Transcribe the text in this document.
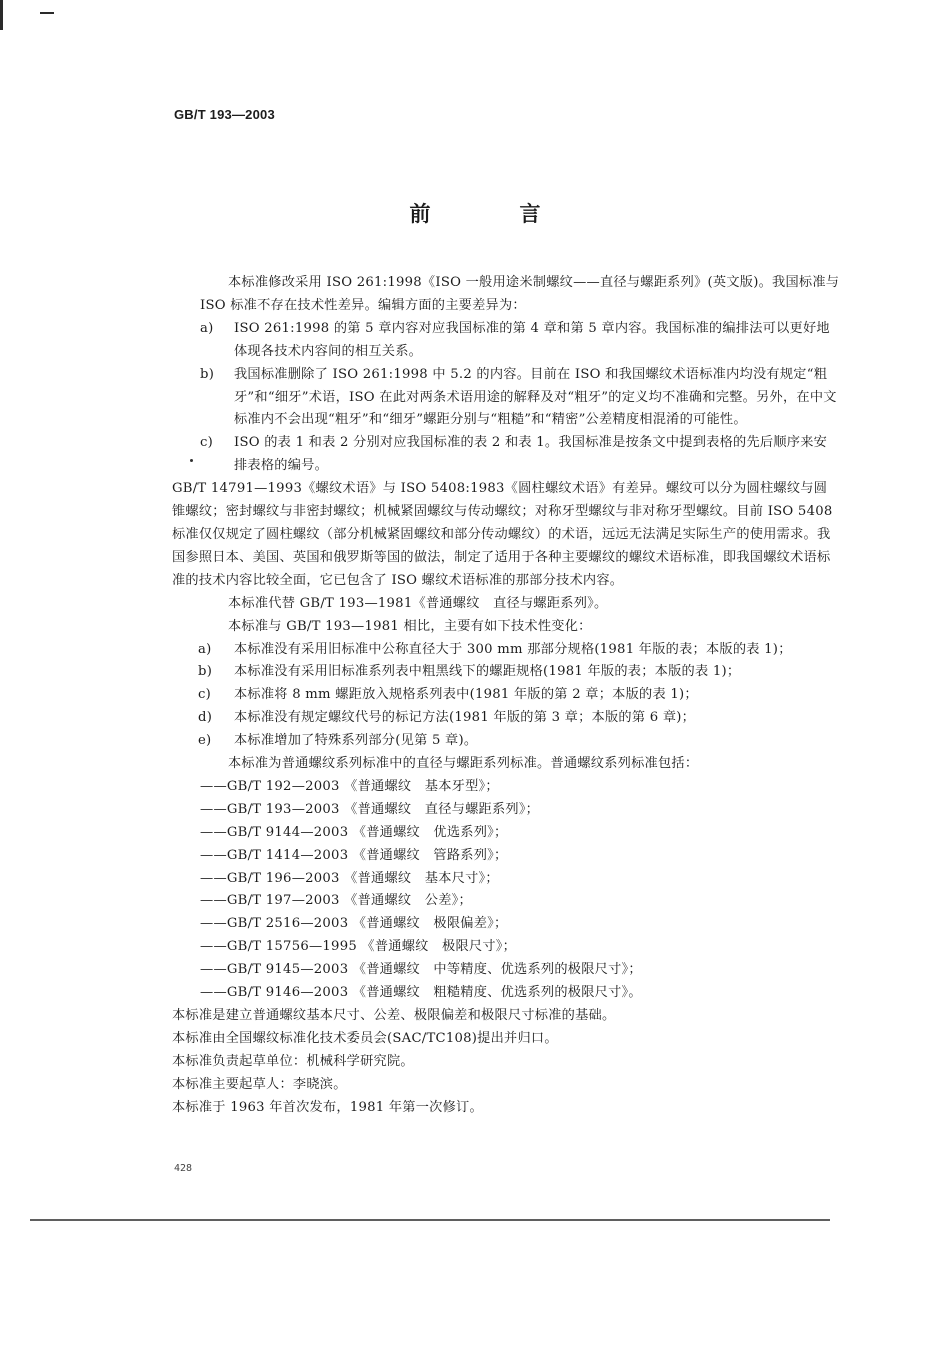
GB/T 193—2003
前　言

本标准修改采用 ISO 261:1998《ISO 一般用途米制螺纹——直径与螺距系列》(英文版)。我国标准与 ISO 标准不存在技术性差异。编辑方面的主要差异为：

a)	ISO 261:1998 的第 5 章内容对应我国标准的第 4 章和第 5 章内容。我国标准的编排法可以更好地体现各技术内容间的相互关系。
b)	我国标准删除了 ISO 261:1998 中 5.2 的内容。目前在 ISO 和我国螺纹术语标准内均没有规定“粗牙”和“细牙”术语，ISO 在此对两条术语用途的解释及对“粗牙”的定义均不准确和完整。另外，在中文标准内不会出现“粗牙”和“细牙”螺距分别与“粗糙”和“精密”公差精度相混淆的可能性。
c)	ISO 的表 1 和表 2 分别对应我国标准的表 2 和表 1。我国标准是按条文中提到表格的先后顺序来安排表格的编号。

GB/T 14791—1993《螺纹术语》与 ISO 5408:1983《圆柱螺纹术语》有差异。螺纹可以分为圆柱螺纹与圆锥螺纹；密封螺纹与非密封螺纹；机械紧固螺纹与传动螺纹；对称牙型螺纹与非对称牙型螺纹。目前 ISO 5408 标准仅仅规定了圆柱螺纹（部分机械紧固螺纹和部分传动螺纹）的术语，远远无法满足实际生产的使用需求。我国参照日本、美国、英国和俄罗斯等国的做法，制定了适用于各种主要螺纹的螺纹术语标准，即我国螺纹术语标准的技术内容比较全面，它已包含了 ISO 螺纹术语标准的那部分技术内容。

本标准代替 GB/T 193—1981《普通螺纹　直径与螺距系列》。

本标准与 GB/T 193—1981 相比，主要有如下技术性变化：

a)	本标准没有采用旧标准中公称直径大于 300 mm 那部分规格(1981 年版的表；本版的表 1)；
b)	本标准没有采用旧标准系列表中粗黑线下的螺距规格(1981 年版的表；本版的表 1)；
c)	本标准将 8 mm 螺距放入规格系列表中(1981 年版的第 2 章；本版的表 1)；
d)	本标准没有规定螺纹代号的标记方法(1981 年版的第 3 章；本版的第 6 章)；
e)	本标准增加了特殊系列部分(见第 5 章)。

本标准为普通螺纹系列标准中的直径与螺距系列标准。普通螺纹系列标准包括：

——GB/T 192—2003 《普通螺纹　基本牙型》；

——GB/T 193—2003 《普通螺纹　直径与螺距系列》；

——GB/T 9144—2003 《普通螺纹　优选系列》；

——GB/T 1414—2003 《普通螺纹　管路系列》；

——GB/T 196—2003 《普通螺纹　基本尺寸》；

——GB/T 197—2003 《普通螺纹　公差》；

——GB/T 2516—2003 《普通螺纹　极限偏差》；

——GB/T 15756—1995 《普通螺纹　极限尺寸》；

——GB/T 9145—2003 《普通螺纹　中等精度、优选系列的极限尺寸》；

——GB/T 9146—2003 《普通螺纹　粗糙精度、优选系列的极限尺寸》。

本标准是建立普通螺纹基本尺寸、公差、极限偏差和极限尺寸标准的基础。

本标准由全国螺纹标准化技术委员会(SAC/TC108)提出并归口。

本标准负责起草单位：机械科学研究院。

本标准主要起草人：李晓滨。

本标准于 1963 年首次发布，1981 年第一次修订。

428
